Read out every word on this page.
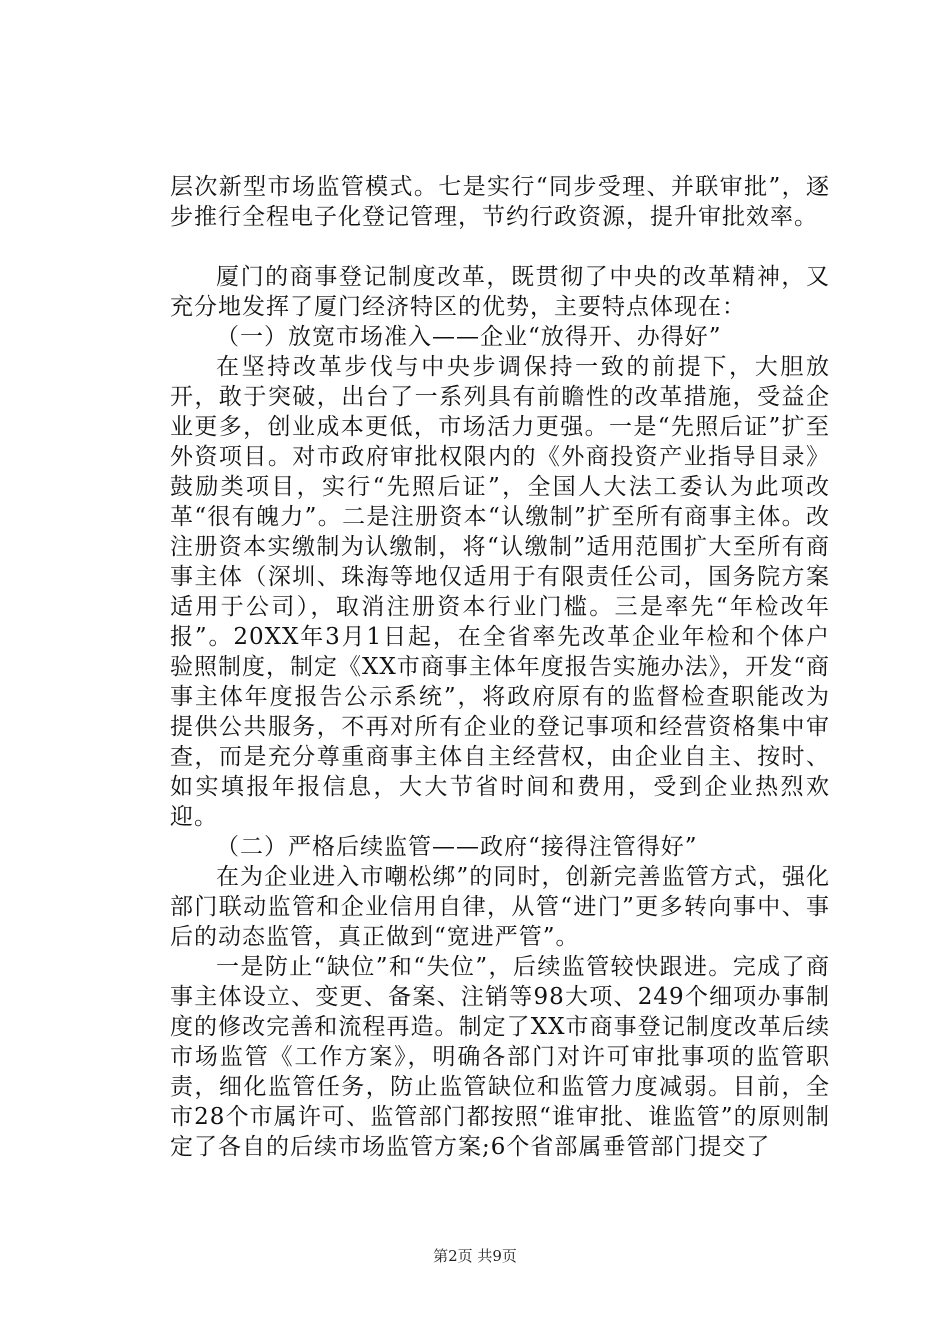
层次新型市场监管模式。七是实行“同步受理、并联审批”，逐步推行全程电子化登记管理，节约行政资源，提升审批效率。

厦门的商事登记制度改革，既贯彻了中央的改革精神，又充分地发挥了厦门经济特区的优势，主要特点体现在：

（一）放宽市场准入——企业“放得开、办得好”

在坚持改革步伐与中央步调保持一致的前提下，大胆放开，敢于突破，出台了一系列具有前瞻性的改革措施，受益企业更多，创业成本更低，市场活力更强。一是“先照后证”扩至外资项目。对市政府审批权限内的《外商投资产业指导目录》鼓励类项目，实行“先照后证”，全国人大法工委认为此项改革“很有魄力”。二是注册资本“认缴制”扩至所有商事主体。改注册资本实缴制为认缴制，将“认缴制”适用范围扩大至所有商事主体（深圳、珠海等地仅适用于有限责任公司，国务院方案适用于公司），取消注册资本行业门槛。三是率先“年检改年报”。20XX年3月1日起，在全省率先改革企业年检和个体户验照制度，制定《XX市商事主体年度报告实施办法》，开发“商事主体年度报告公示系统”，将政府原有的监督检查职能改为提供公共服务，不再对所有企业的登记事项和经营资格集中审查，而是充分尊重商事主体自主经营权，由企业自主、按时、如实填报年报信息，大大节省时间和费用，受到企业热烈欢迎。

（二）严格后续监管——政府“接得注管得好”

在为企业进入市嘲松绑”的同时，创新完善监管方式，强化部门联动监管和企业信用自律，从管“进门”更多转向事中、事后的动态监管，真正做到“宽进严管”。

一是防止“缺位”和“失位”，后续监管较快跟进。完成了商事主体设立、变更、备案、注销等98大项、249个细项办事制度的修改完善和流程再造。制定了XX市商事登记制度改革后续市场监管《工作方案》，明确各部门对许可审批事项的监管职责，细化监管任务，防止监管缺位和监管力度减弱。目前，全市28个市属许可、监管部门都按照“谁审批、谁监管”的原则制定了各自的后续市场监管方案;6个省部属垂管部门提交了

第2页 共9页
